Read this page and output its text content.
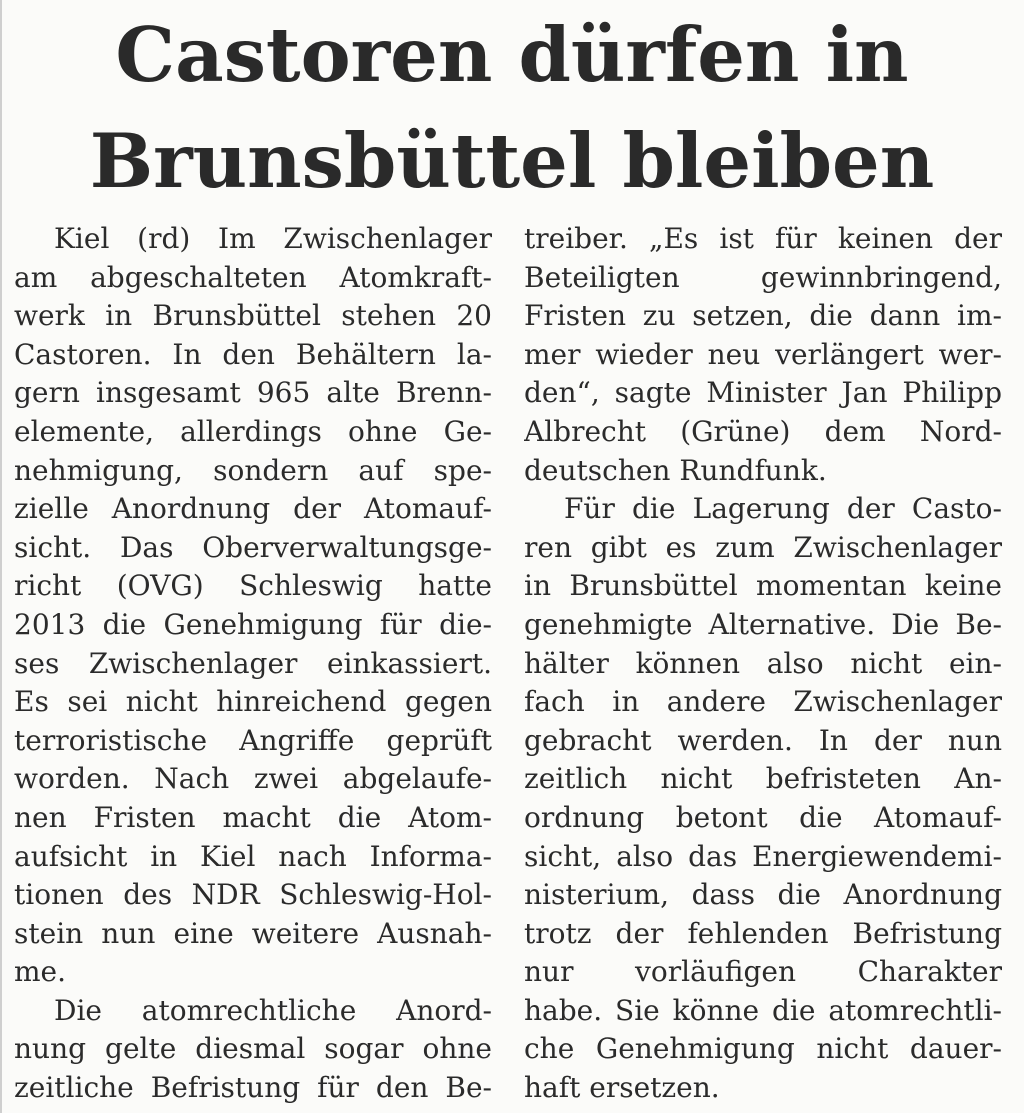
Castoren dürfen in
Brunsbüttel bleiben
Kiel (rd) Im Zwischenlager
am abgeschalteten Atomkraft-
werk in Brunsbüttel stehen 20
Castoren. In den Behältern la-
gern insgesamt 965 alte Brenn-
elemente, allerdings ohne Ge-
nehmigung, sondern auf spe-
zielle Anordnung der Atomauf-
sicht. Das Oberverwaltungsge-
richt (OVG) Schleswig hatte
2013 die Genehmigung für die-
ses Zwischenlager einkassiert.
Es sei nicht hinreichend gegen
terroristische Angriffe geprüft
worden. Nach zwei abgelaufe-
nen Fristen macht die Atom-
aufsicht in Kiel nach Informa-
tionen des NDR Schleswig-Hol-
stein nun eine weitere Ausnah-
me.
Die atomrechtliche Anord-
nung gelte diesmal sogar ohne
zeitliche Befristung für den Be-
treiber. „Es ist für keinen der
Beteiligten gewinnbringend,
Fristen zu setzen, die dann im-
mer wieder neu verlängert wer-
den“, sagte Minister Jan Philipp
Albrecht (Grüne) dem Nord-
deutschen Rundfunk.
Für die Lagerung der Casto-
ren gibt es zum Zwischenlager
in Brunsbüttel momentan keine
genehmigte Alternative. Die Be-
hälter können also nicht ein-
fach in andere Zwischenlager
gebracht werden. In der nun
zeitlich nicht befristeten An-
ordnung betont die Atomauf-
sicht, also das Energiewendemi-
nisterium, dass die Anordnung
trotz der fehlenden Befristung
nur vorläufigen Charakter
habe. Sie könne die atomrechtli-
che Genehmigung nicht dauer-
haft ersetzen.
